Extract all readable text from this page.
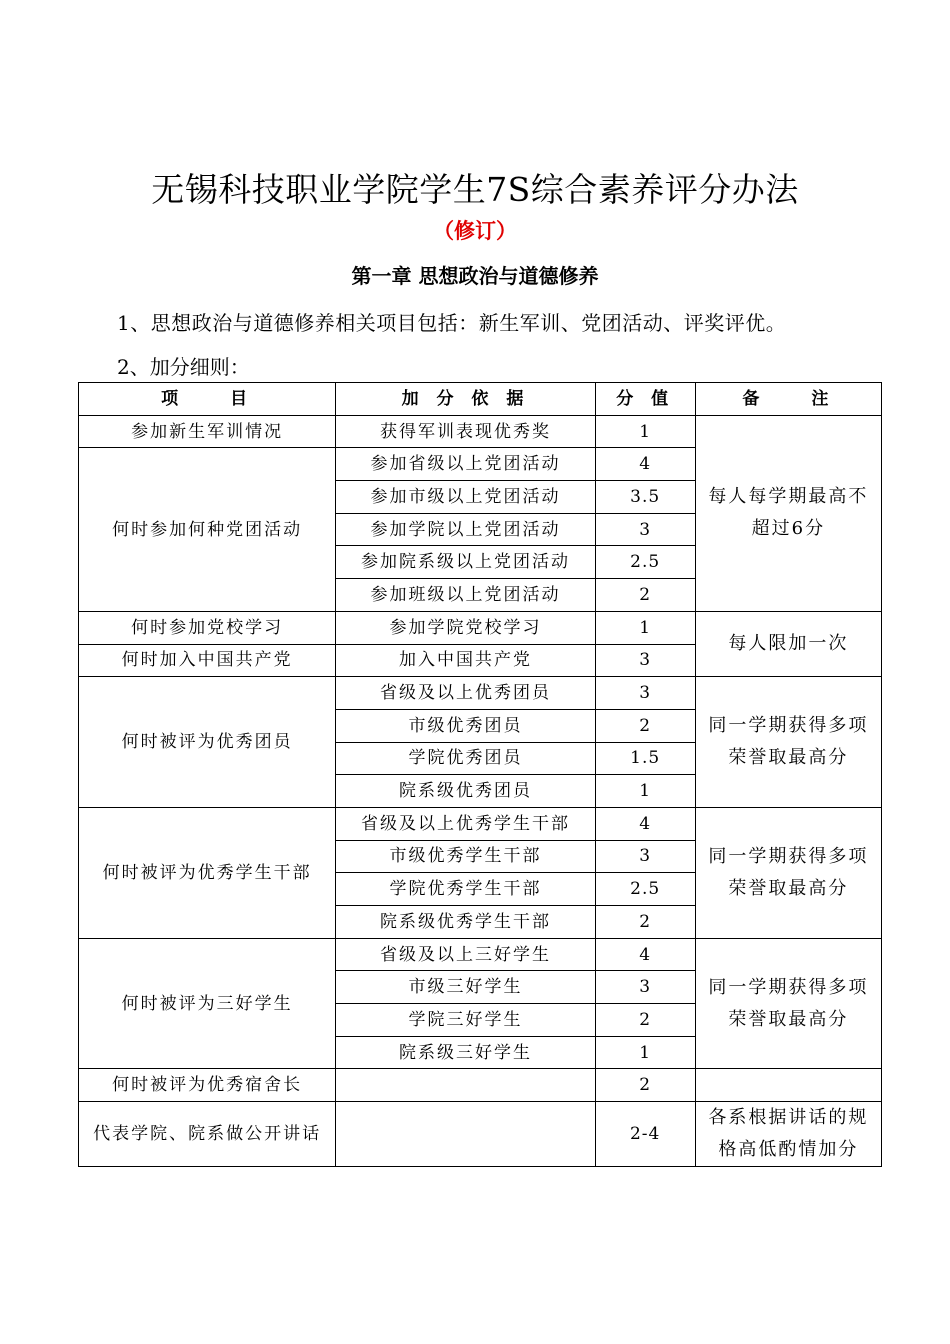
无锡科技职业学院学生7S综合素养评分办法
（修订）
第一章 思想政治与道德修养
1、思想政治与道德修养相关项目包括：新生军训、党团活动、评奖评优。
2、加分细则：
项　　目	加 分 依 据	分 值	备　　注
参加新生军训情况	获得军训表现优秀奖	1	每人每学期最高不超过6分
何时参加何种党团活动	参加省级以上党团活动	4	
	参加市级以上党团活动	3.5	
	参加学院以上党团活动	3	
	参加院系级以上党团活动	2.5	
	参加班级以上党团活动	2	
何时参加党校学习	参加学院党校学习	1	每人限加一次
何时加入中国共产党	加入中国共产党	3	
何时被评为优秀团员	省级及以上优秀团员	3	同一学期获得多项荣誉取最高分
	市级优秀团员	2	
	学院优秀团员	1.5	
	院系级优秀团员	1	
何时被评为优秀学生干部	省级及以上优秀学生干部	4	同一学期获得多项荣誉取最高分
	市级优秀学生干部	3	
	学院优秀学生干部	2.5	
	院系级优秀学生干部	2	
何时被评为三好学生	省级及以上三好学生	4	同一学期获得多项荣誉取最高分
	市级三好学生	3	
	学院三好学生	2	
	院系级三好学生	1	
何时被评为优秀宿舍长		2	
代表学院、院系做公开讲话		2-4	各系根据讲话的规格高低酌情加分
